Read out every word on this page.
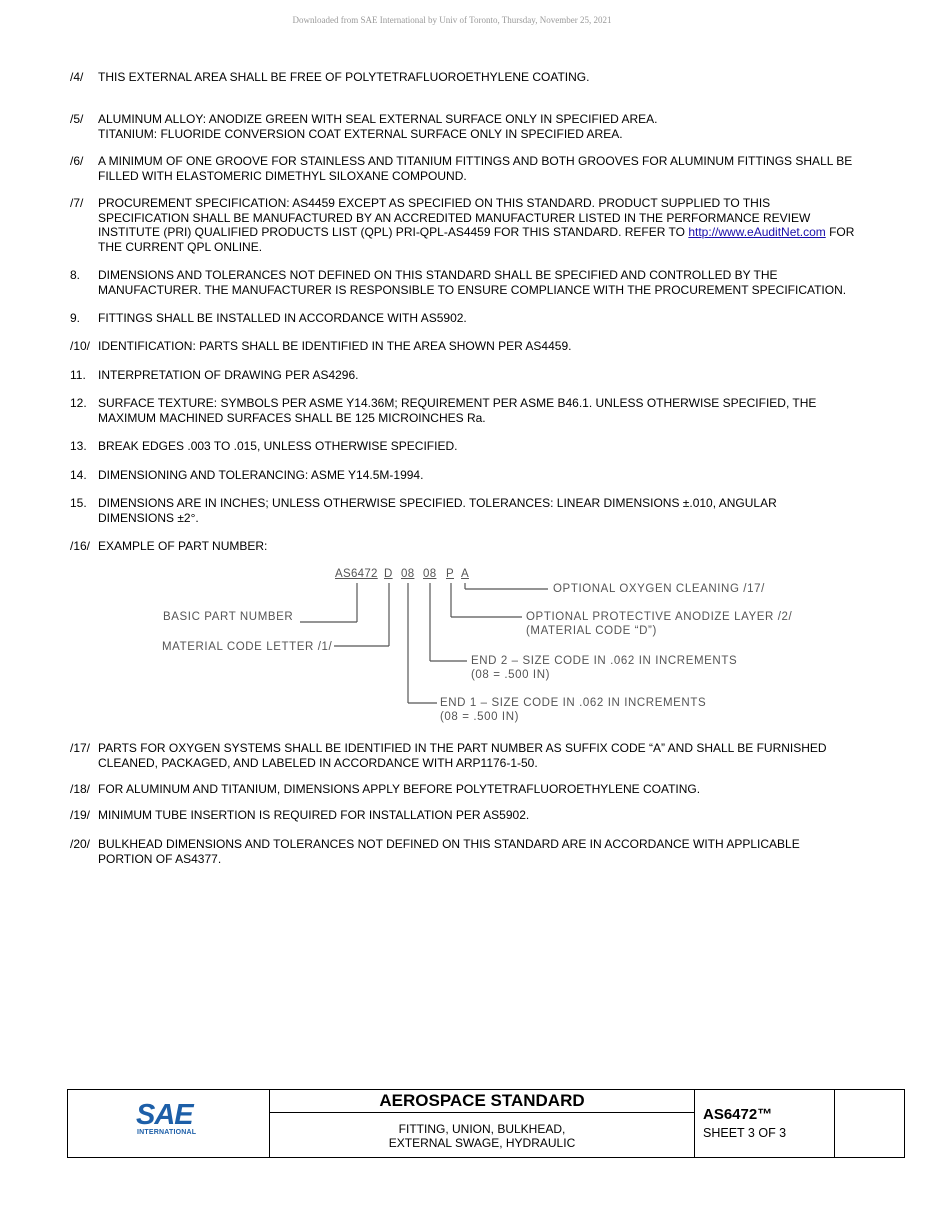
Downloaded from SAE International by Univ of Toronto, Thursday, November 25, 2021
/4/	THIS EXTERNAL AREA SHALL BE FREE OF POLYTETRAFLUOROETHYLENE COATING.
/5/	ALUMINUM ALLOY: ANODIZE GREEN WITH SEAL EXTERNAL SURFACE ONLY IN SPECIFIED AREA.
TITANIUM: FLUORIDE CONVERSION COAT EXTERNAL SURFACE ONLY IN SPECIFIED AREA.
/6/	A MINIMUM OF ONE GROOVE FOR STAINLESS AND TITANIUM FITTINGS AND BOTH GROOVES FOR ALUMINUM FITTINGS SHALL BE
FILLED WITH ELASTOMERIC DIMETHYL SILOXANE COMPOUND.
/7/	PROCUREMENT SPECIFICATION: AS4459 EXCEPT AS SPECIFIED ON THIS STANDARD. PRODUCT SUPPLIED TO THIS
SPECIFICATION SHALL BE MANUFACTURED BY AN ACCREDITED MANUFACTURER LISTED IN THE PERFORMANCE REVIEW
INSTITUTE (PRI) QUALIFIED PRODUCTS LIST (QPL) PRI-QPL-AS4459 FOR THIS STANDARD. REFER TO http://www.eAuditNet.com FOR
THE CURRENT QPL ONLINE.
8.	DIMENSIONS AND TOLERANCES NOT DEFINED ON THIS STANDARD SHALL BE SPECIFIED AND CONTROLLED BY THE
MANUFACTURER. THE MANUFACTURER IS RESPONSIBLE TO ENSURE COMPLIANCE WITH THE PROCUREMENT SPECIFICATION.
9.	FITTINGS SHALL BE INSTALLED IN ACCORDANCE WITH AS5902.
/10/ IDENTIFICATION: PARTS SHALL BE IDENTIFIED IN THE AREA SHOWN PER AS4459.
11.	INTERPRETATION OF DRAWING PER AS4296.
12. SURFACE TEXTURE: SYMBOLS PER ASME Y14.36M; REQUIREMENT PER ASME B46.1. UNLESS OTHERWISE SPECIFIED, THE
MAXIMUM MACHINED SURFACES SHALL BE 125 MICROINCHES Ra.
13. BREAK EDGES .003 TO .015, UNLESS OTHERWISE SPECIFIED.
14. DIMENSIONING AND TOLERANCING: ASME Y14.5M-1994.
15. DIMENSIONS ARE IN INCHES; UNLESS OTHERWISE SPECIFIED. TOLERANCES: LINEAR DIMENSIONS ±.010, ANGULAR
DIMENSIONS ±2°.
/16/ EXAMPLE OF PART NUMBER:
AS6472 D 08 08 P A
OPTIONAL OXYGEN CLEANING /17/
OPTIONAL PROTECTIVE ANODIZE LAYER /2/
(MATERIAL CODE “D”)
END 2 – SIZE CODE IN .062 IN INCREMENTS
(08 = .500 IN)
END 1 – SIZE CODE IN .062 IN INCREMENTS
(08 = .500 IN)
BASIC PART NUMBER
MATERIAL CODE LETTER /1/
/17/ PARTS FOR OXYGEN SYSTEMS SHALL BE IDENTIFIED IN THE PART NUMBER AS SUFFIX CODE “A” AND SHALL BE FURNISHED
CLEANED, PACKAGED, AND LABELED IN ACCORDANCE WITH ARP1176-1-50.
/18/ FOR ALUMINUM AND TITANIUM, DIMENSIONS APPLY BEFORE POLYTETRAFLUOROETHYLENE COATING.
/19/ MINIMUM TUBE INSERTION IS REQUIRED FOR INSTALLATION PER AS5902.
/20/ BULKHEAD DIMENSIONS AND TOLERANCES NOT DEFINED ON THIS STANDARD ARE IN ACCORDANCE WITH APPLICABLE
PORTION OF AS4377.
SAE
INTERNATIONAL
AEROSPACE STANDARD
FITTING, UNION, BULKHEAD,
EXTERNAL SWAGE, HYDRAULIC
AS6472™
SHEET 3 OF 3
